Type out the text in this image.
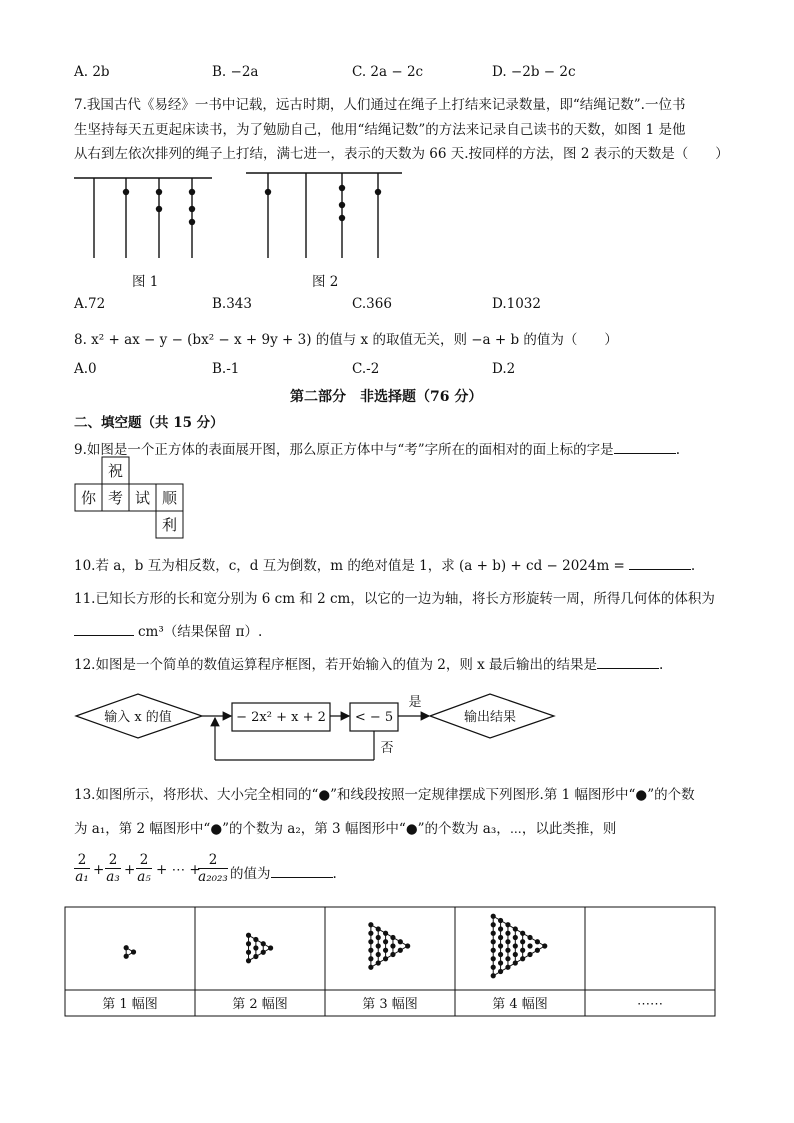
A. 2b	B. −2a	C. 2a − 2c	D. −2b − 2c
7.我国古代《易经》一书中记载，远古时期，人们通过在绳子上打结来记录数量，即“结绳记数”.一位书
生坚持每天五更起床读书，为了勉励自己，他用“结绳记数”的方法来记录自己读书的天数，如图 1 是他
从右到左依次排列的绳子上打结，满七进一，表示的天数为 66 天.按同样的方法，图 2 表示的天数是（　　）
图 1	图 2
A.72	B.343	C.366	D.1032
8. x² + ax − y − (bx² − x + 9y + 3) 的值与 x 的取值无关，则 −a + b 的值为（　　）
A.0	B.-1	C.-2	D.2
第二部分　非选择题（76 分）
二、填空题（共 15 分）
9.如图是一个正方体的表面展开图，那么原正方体中与“考”字所在的面相对的面上标的字是	.
祝
你 考 试 顺
利
10.若 a，b 互为相反数，c，d 互为倒数，m 的绝对值是 1，求 (a + b) + cd − 2024m =	.
11.已知长方形的长和宽分别为 6 cm 和 2 cm，以它的一边为轴，将长方形旋转一周，所得几何体的体积为
cm³（结果保留 π）.
12.如图是一个简单的数值运算程序框图，若开始输入的值为 2，则 x 最后输出的结果是	.
输入 x 的值	− 2x² + x + 2 < − 5	输出结果
是
否
13.如图所示，将形状、大小完全相同的“●”和线段按照一定规律摆成下列图形.第 1 幅图形中“●”的个数
为 a₁，第 2 幅图形中“●”的个数为 a₂，第 3 幅图形中“●”的个数为 a₃，⋯，以此类推，则
$\frac{2}{\text{a₁}} + \frac{2}{\text{a₃}} + \frac{2}{\text{a₅}}$ + ⋯ +
$\frac{2}{\text{a₂₀₂₃}}$ 的值为	.
第 1 幅图	第 2 幅图	第 3 幅图	第 4 幅图	⋯⋯
